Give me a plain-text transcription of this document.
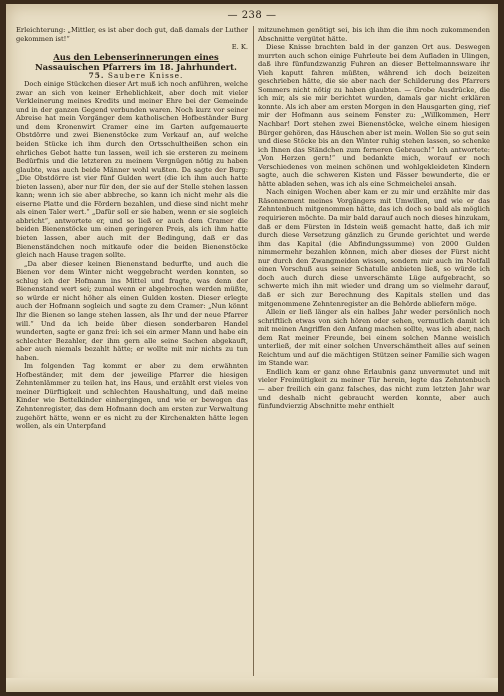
— 238 —

Erleichterung: „Mittler, es ist aber doch gut, daß damals der Luther gekommen ist!“

E. K.

Aus den Lebenserinnerungen eines

Nassauischen Pfarrers im 18. Jahrhundert.

75. Saubere Knisse.

Doch einige Stückchen dieser Art muß ich noch anführen, welche zwar an sich von keiner Erheblichkeit, aber doch mit vieler Verkleinerung meines Kredits und meiner Ehre bei der Gemeinde und in der ganzen Gegend verbunden waren. Noch kurz vor seiner Abreise hat mein Vorgänger dem katholischen Hofbeständer Burg und dem Kronenwirt Cramer eine im Garten aufgemauerte Obstdörre und zwei Bienenstöcke zum Verkauf an, auf welche beiden Stücke ich ihm durch den Ortsschultheißen schon ein ehrliches Gebot hatte tun lassen, weil ich sie ersteren zu meinem Bedürfnis und die letzteren zu meinem Vergnügen nötig zu haben glaubte, was auch beide Männer wohl wußten. Da sagte der Burg: „Die Obstdörre ist vier fünf Gulden wert (die ich ihm auch hatte bieten lassen), aber nur für den, der sie auf der Stelle stehen lassen kann; wenn ich sie aber abbreche, so kann ich nicht mehr als die eiserne Platte und die Fördern bezahlen, und diese sind nicht mehr als einen Taler wert.“ „Dafür soll er sie haben, wenn er sie sogleich abbricht“, antwortete er, und so ließ er auch dem Cramer die beiden Bienenstöcke um einen geringeren Preis, als ich ihm hatte bieten lassen, aber auch mit der Bedingung, daß er das Bienenständchen noch mitkaufe oder die beiden Bienenstöcke gleich nach Hause tragen sollte.

„Da aber dieser keinen Bienenstand bedurfte, und auch die Bienen vor dem Winter nicht weggebracht werden konnten, so schlug ich der Hofmann ins Mittel und fragte, was denn der Bienenstand wert sei; zumal wenn er abgebrochen werden müßte, so würde er nicht höher als einen Gulden kosten. Dieser erlegte auch der Hofmann sogleich und sagte zu dem Cramer: „Nun könnt Ihr die Bienen so lange stehen lassen, als Ihr und der neue Pfarrer will.“ Und da ich beide über diesen sonderbaren Handel wunderten, sagte er ganz frei: ich sei ein armer Mann und habe ein schlechter Bezahler, der ihm gern alle seine Sachen abgekauft, aber auch niemals bezahlt hätte; er wollte mit mir nichts zu tun haben.

Im folgenden Tag kommt er aber zu dem erwähnten Hofbeständer, mit dem der jeweilige Pfarrer die hiesigen Zehntenlämmer zu teilen hat, ins Haus, und erzählt erst vieles von meiner Dürftigkeit und schlechten Haushaltung, und daß meine Kinder wie Bettelkinder einhergingen, und wie er bewogen das Zehntenregister, das dem Hofmann doch am ersten zur Verwaltung zugehört hätte, wenn er es nicht zu der Kirchenakten hätte legen wollen, als ein Unterpfand

mitzunehmen genötigt sei, bis ich ihm die ihm noch zukommenden Abschnitte vergütet hätte.

Diese Knisse brachten bald in der ganzen Ort aus. Deswegen murrten auch schon einige Fuhrleute bei dem Aufladen in Ulingen, daß ihre fünfundzwanzig Fuhren an dieser Bettelmannsware ihr Vieh kaputt fahren müßten, während ich doch beizeiten geschrieben hätte, die sie aber nach der Schilderung des Pfarrers Sommers nicht nötig zu haben glaubten. — Grobe Ausdrücke, die ich mir, als sie mir berichtet wurden, damals gar nicht erklären konnte. Als ich aber am ersten Morgen in den Hausgarten ging, rief mir der Hofmann aus seinem Fenster zu: „Willkommen, Herr Nachbar! Dort stehen zwei Bienenstöcke, welche einem hiesigen Bürger gehören, das Häuschen aber ist mein. Wollen Sie so gut sein und diese Stöcke bis an den Winter ruhig stehen lassen, so schenke ich Ihnen das Ständchen zum ferneren Gebrauch!“ Ich antwortete: „Von Herzen gern!“ und bedankte mich, worauf er noch Verschiedenes von meinen schönen und wohlgekleideten Kindern sagte, auch die schweren Kisten und Fässer bewunderte, die er hätte abladen sehen, was ich als eine Schmeichelei ansah.

Nach einigen Wochen aber kam er zu mir und erzählte mir das Räsonnement meines Vorgängers mit Umwillen, und wie er das Zehntenbuch mitgenommen hätte, das ich doch so bald als möglich requirieren möchte. Da mir bald darauf auch noch dieses hinzukam, daß er dem Fürsten in Idstein weiß gemacht hatte, daß ich mir durch diese Versetzung gänzlich zu Grunde gerichtet und werde ihm das Kapital (die Abfindungssumme) von 2000 Gulden nimmermehr bezahlen können, mich aber dieses der Fürst nicht nur durch den Zwangmeiden wissen, sondern mir auch im Notfall einen Vorschuß aus seiner Schatulle anbieten ließ, so würde ich doch auch durch diese unverschämte Lüge aufgebracht, so schwerte mich ihn mit wieder und drang um so vielmehr darauf, daß er sich zur Berechnung des Kapitals stellen und das mitgenommene Zehntenregister an die Behörde abliefern möge.

Allein er ließ länger als ein halbes Jahr weder persönlich noch schriftlich etwas von sich hören oder sehen, vermutlich damit ich mit meinen Angriffen den Anfang machen sollte, was ich aber, nach dem Rat meiner Freunde, bei einem solchen Manne weislich unterließ, der mit einer solchen Unverschämtheit alles auf seinen Reichtum und auf die mächtigen Stützen seiner Familie sich wagen im Stande war.

Endlich kam er ganz ohne Erlaubnis ganz unvermutet und mit vieler Freimütigkeit zu meiner Tür herein, legte das Zehntenbuch — aber freilich ein ganz falsches, das nicht zum letzten Jahr war und deshalb nicht gebraucht werden konnte, aber auch fünfundvierzig Abschnitte mehr enthielt
